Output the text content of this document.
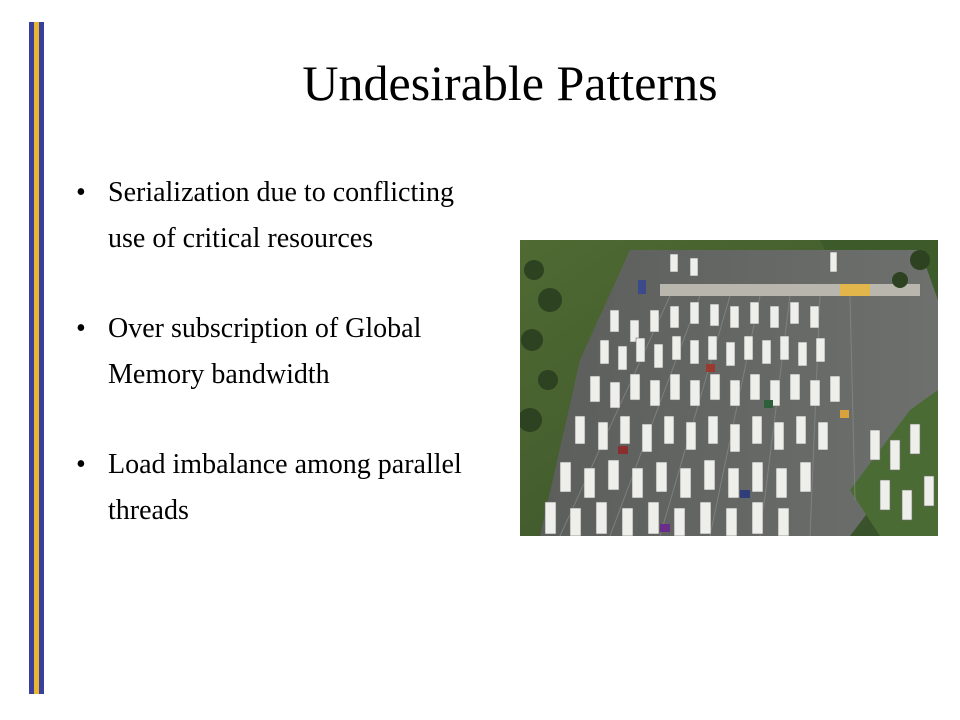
Undesirable Patterns
• Serialization due to conflicting use of critical resources
• Over subscription of Global Memory bandwidth
• Load imbalance among parallel threads
